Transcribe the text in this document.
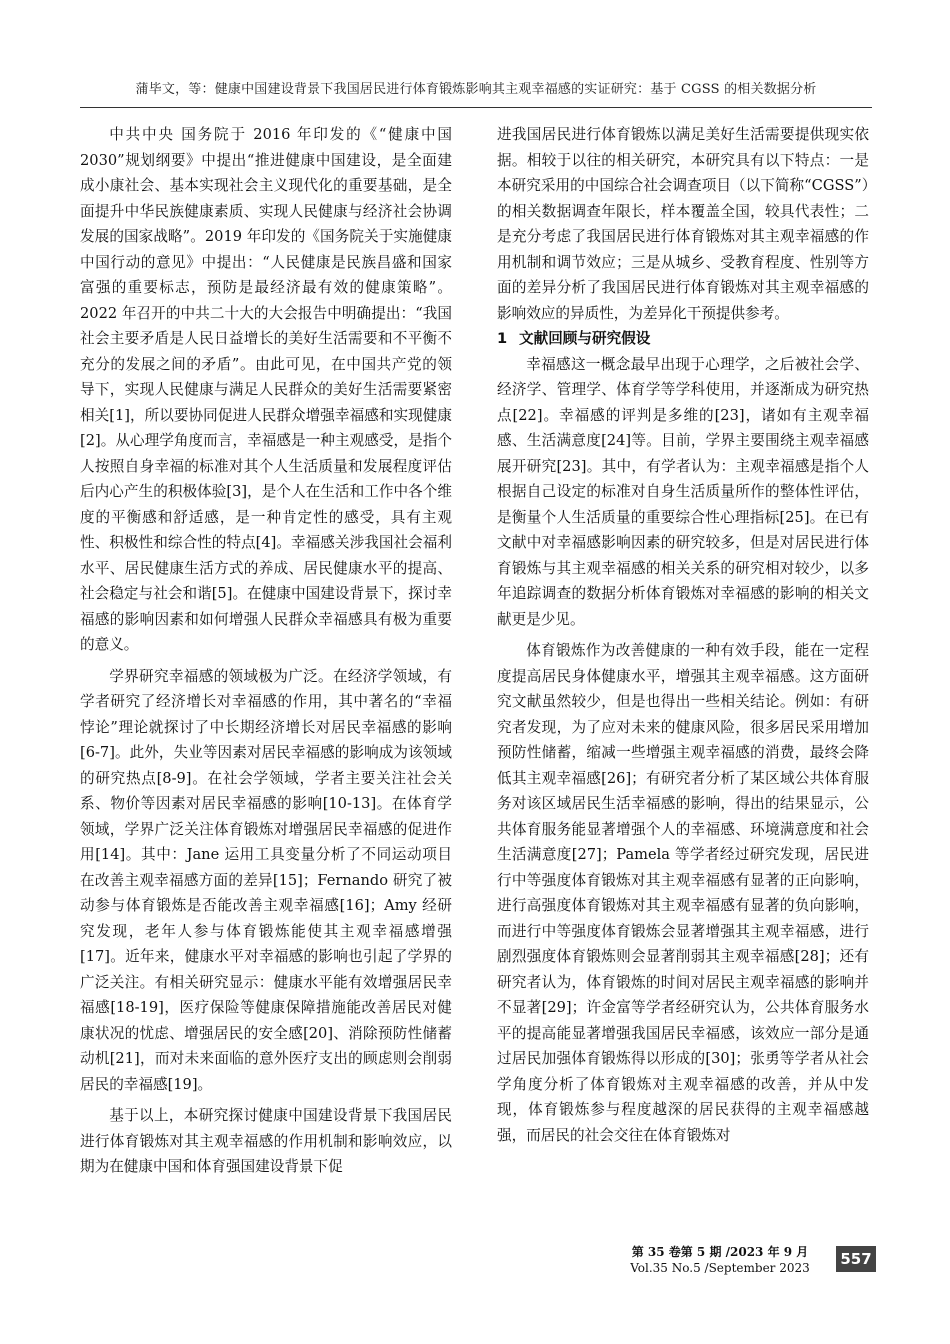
蒲毕文，等：健康中国建设背景下我国居民进行体育锻炼影响其主观幸福感的实证研究：基于 CGSS 的相关数据分析

中共中央 国务院于 2016 年印发的《“健康中国2030”规划纲要》中提出“推进健康中国建设，是全面建成小康社会、基本实现社会主义现代化的重要基础，是全面提升中华民族健康素质、实现人民健康与经济社会协调发展的国家战略”。2019 年印发的《国务院关于实施健康中国行动的意见》中提出：“人民健康是民族昌盛和国家富强的重要标志，预防是最经济最有效的健康策略”。2022 年召开的中共二十大的大会报告中明确提出：“我国社会主要矛盾是人民日益增长的美好生活需要和不平衡不充分的发展之间的矛盾”。由此可见，在中国共产党的领导下，实现人民健康与满足人民群众的美好生活需要紧密相关[1]，所以要协同促进人民群众增强幸福感和实现健康[2]。从心理学角度而言，幸福感是一种主观感受，是指个人按照自身幸福的标准对其个人生活质量和发展程度评估后内心产生的积极体验[3]，是个人在生活和工作中各个维度的平衡感和舒适感，是一种肯定性的感受，具有主观性、积极性和综合性的特点[4]。幸福感关涉我国社会福利水平、居民健康生活方式的养成、居民健康水平的提高、社会稳定与社会和谐[5]。在健康中国建设背景下，探讨幸福感的影响因素和如何增强人民群众幸福感具有极为重要的意义。

学界研究幸福感的领域极为广泛。在经济学领域，有学者研究了经济增长对幸福感的作用，其中著名的“幸福悖论”理论就探讨了中长期经济增长对居民幸福感的影响[6-7]。此外，失业等因素对居民幸福感的影响成为该领域的研究热点[8-9]。在社会学领域，学者主要关注社会关系、物价等因素对居民幸福感的影响[10-13]。在体育学领域，学界广泛关注体育锻炼对增强居民幸福感的促进作用[14]。其中：Jane 运用工具变量分析了不同运动项目在改善主观幸福感方面的差异[15]；Fernando 研究了被动参与体育锻炼是否能改善主观幸福感[16]；Amy 经研究发现，老年人参与体育锻炼能使其主观幸福感增强[17]。近年来，健康水平对幸福感的影响也引起了学界的广泛关注。有相关研究显示：健康水平能有效增强居民幸福感[18-19]，医疗保险等健康保障措施能改善居民对健康状况的忧虑、增强居民的安全感[20]、消除预防性储蓄动机[21]，而对未来面临的意外医疗支出的顾虑则会削弱居民的幸福感[19]。

基于以上，本研究探讨健康中国建设背景下我国居民进行体育锻炼对其主观幸福感的作用机制和影响效应，以期为在健康中国和体育强国建设背景下促

进我国居民进行体育锻炼以满足美好生活需要提供现实依据。相较于以往的相关研究，本研究具有以下特点：一是本研究采用的中国综合社会调查项目（以下简称“CGSS”）的相关数据调查年限长，样本覆盖全国，较具代表性；二是充分考虑了我国居民进行体育锻炼对其主观幸福感的作用机制和调节效应；三是从城乡、受教育程度、性别等方面的差异分析了我国居民进行体育锻炼对其主观幸福感的影响效应的异质性，为差异化干预提供参考。

1 文献回顾与研究假设

幸福感这一概念最早出现于心理学，之后被社会学、经济学、管理学、体育学等学科使用，并逐渐成为研究热点[22]。幸福感的评判是多维的[23]，诸如有主观幸福感、生活满意度[24]等。目前，学界主要围绕主观幸福感展开研究[23]。其中，有学者认为：主观幸福感是指个人根据自己设定的标准对自身生活质量所作的整体性评估，是衡量个人生活质量的重要综合性心理指标[25]。在已有文献中对幸福感影响因素的研究较多，但是对居民进行体育锻炼与其主观幸福感的相关关系的研究相对较少，以多年追踪调查的数据分析体育锻炼对幸福感的影响的相关文献更是少见。

体育锻炼作为改善健康的一种有效手段，能在一定程度提高居民身体健康水平，增强其主观幸福感。这方面研究文献虽然较少，但是也得出一些相关结论。例如：有研究者发现，为了应对未来的健康风险，很多居民采用增加预防性储蓄，缩减一些增强主观幸福感的消费，最终会降低其主观幸福感[26]；有研究者分析了某区域公共体育服务对该区域居民生活幸福感的影响，得出的结果显示，公共体育服务能显著增强个人的幸福感、环境满意度和社会生活满意度[27]；Pamela 等学者经过研究发现，居民进行中等强度体育锻炼对其主观幸福感有显著的正向影响，进行高强度体育锻炼对其主观幸福感有显著的负向影响，而进行中等强度体育锻炼会显著增强其主观幸福感，进行剧烈强度体育锻炼则会显著削弱其主观幸福感[28]；还有研究者认为，体育锻炼的时间对居民主观幸福感的影响并不显著[29]；许金富等学者经研究认为，公共体育服务水平的提高能显著增强我国居民幸福感，该效应一部分是通过居民加强体育锻炼得以形成的[30]；张勇等学者从社会学角度分析了体育锻炼对主观幸福感的改善，并从中发现，体育锻炼参与程度越深的居民获得的主观幸福感越强，而居民的社会交往在体育锻炼对

第 35 卷第 5 期 /2023 年 9 月
Vol.35 No.5 /September 2023	557
